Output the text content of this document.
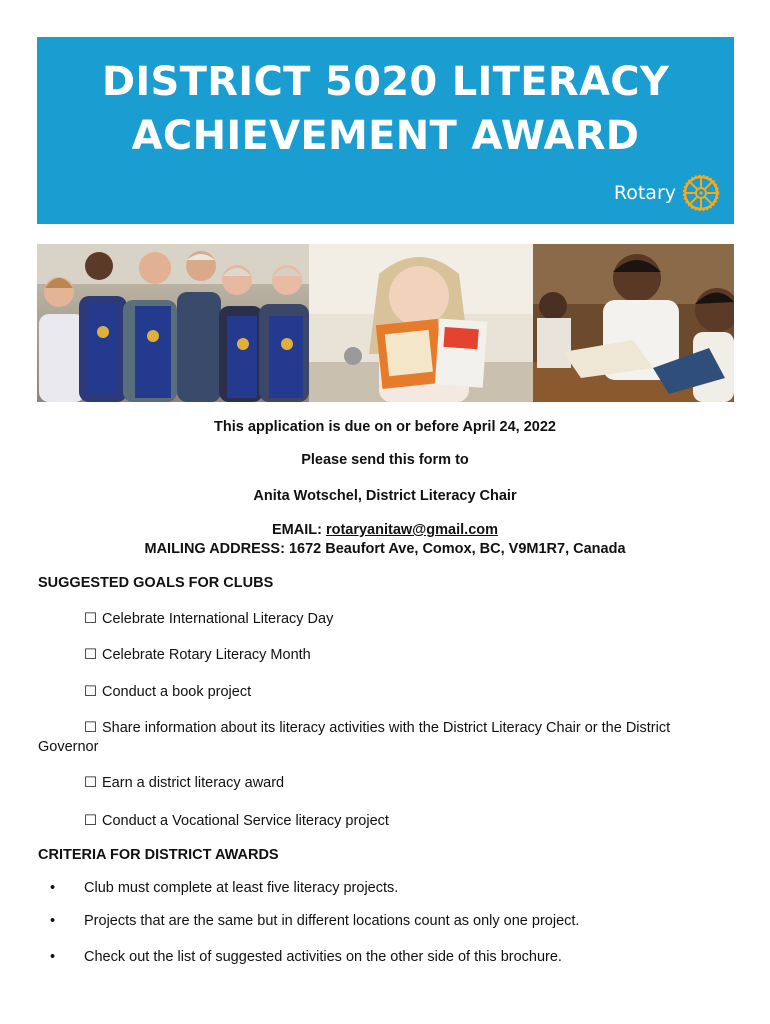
DISTRICT 5020 LITERACY
ACHIEVEMENT AWARD
Rotary
This application is due on or before April 24, 2022
Please send this form to
Anita Wotschel, District Literacy Chair
EMAIL: rotaryanitaw@gmail.com
MAILING ADDRESS: 1672 Beaufort Ave, Comox, BC, V9M1R7, Canada
SUGGESTED GOALS FOR CLUBS
☐ Celebrate International Literacy Day
☐ Celebrate Rotary Literacy Month
☐ Conduct a book project
☐ Share information about its literacy activities with the District Literacy Chair or the District Governor
☐ Earn a district literacy award
☐ Conduct a Vocational Service literacy project
CRITERIA FOR DISTRICT AWARDS
• Club must complete at least five literacy projects.
• Projects that are the same but in different locations count as only one project.
• Check out the list of suggested activities on the other side of this brochure.
